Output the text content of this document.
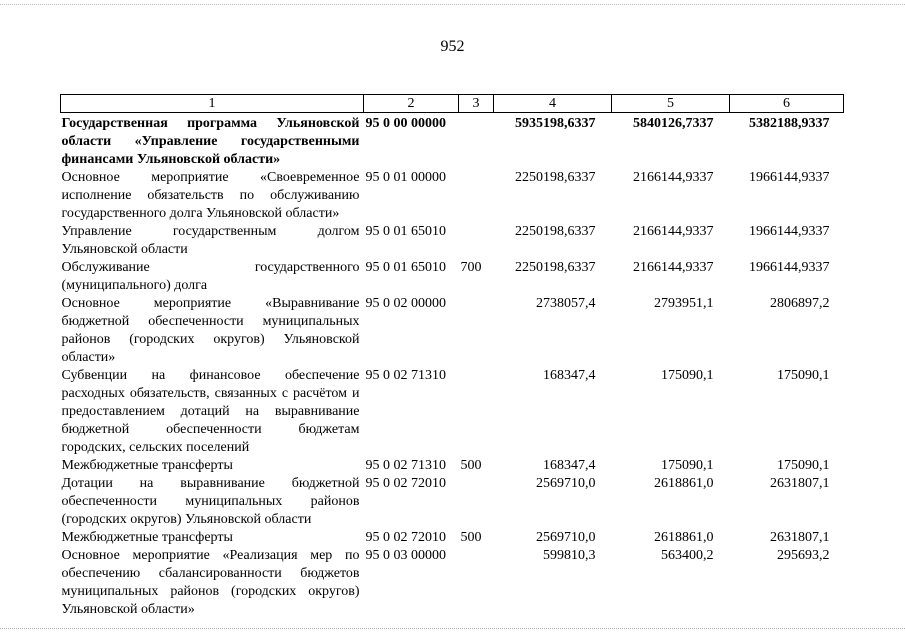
952
1	2	3	4	5	6
Государственная программа Ульяновской области «Управление государственными финансами Ульяновской области»	95 0 00 00000		5935198,6337	5840126,7337	5382188,9337
Основное мероприятие «Своевременное исполнение обязательств по обслуживанию государственного долга Ульяновской области»	95 0 01 00000		2250198,6337	2166144,9337	1966144,9337
Управление государственным долгом Ульяновской области	95 0 01 65010		2250198,6337	2166144,9337	1966144,9337
Обслуживание государственного (муниципального) долга	95 0 01 65010	700	2250198,6337	2166144,9337	1966144,9337
Основное мероприятие «Выравнивание бюджетной обеспеченности муниципальных районов (городских округов) Ульяновской области»	95 0 02 00000		2738057,4	2793951,1	2806897,2
Субвенции на финансовое обеспечение расходных обязательств, связанных с расчётом и предоставлением дотаций на выравнивание бюджетной обеспеченности бюджетам городских, сельских поселений	95 0 02 71310		168347,4	175090,1	175090,1
Межбюджетные трансферты	95 0 02 71310	500	168347,4	175090,1	175090,1
Дотации на выравнивание бюджетной обеспеченности муниципальных районов (городских округов) Ульяновской области	95 0 02 72010		2569710,0	2618861,0	2631807,1
Межбюджетные трансферты	95 0 02 72010	500	2569710,0	2618861,0	2631807,1
Основное мероприятие «Реализация мер по обеспечению сбалансированности бюджетов муниципальных районов (городских округов) Ульяновской области»	95 0 03 00000		599810,3	563400,2	295693,2
